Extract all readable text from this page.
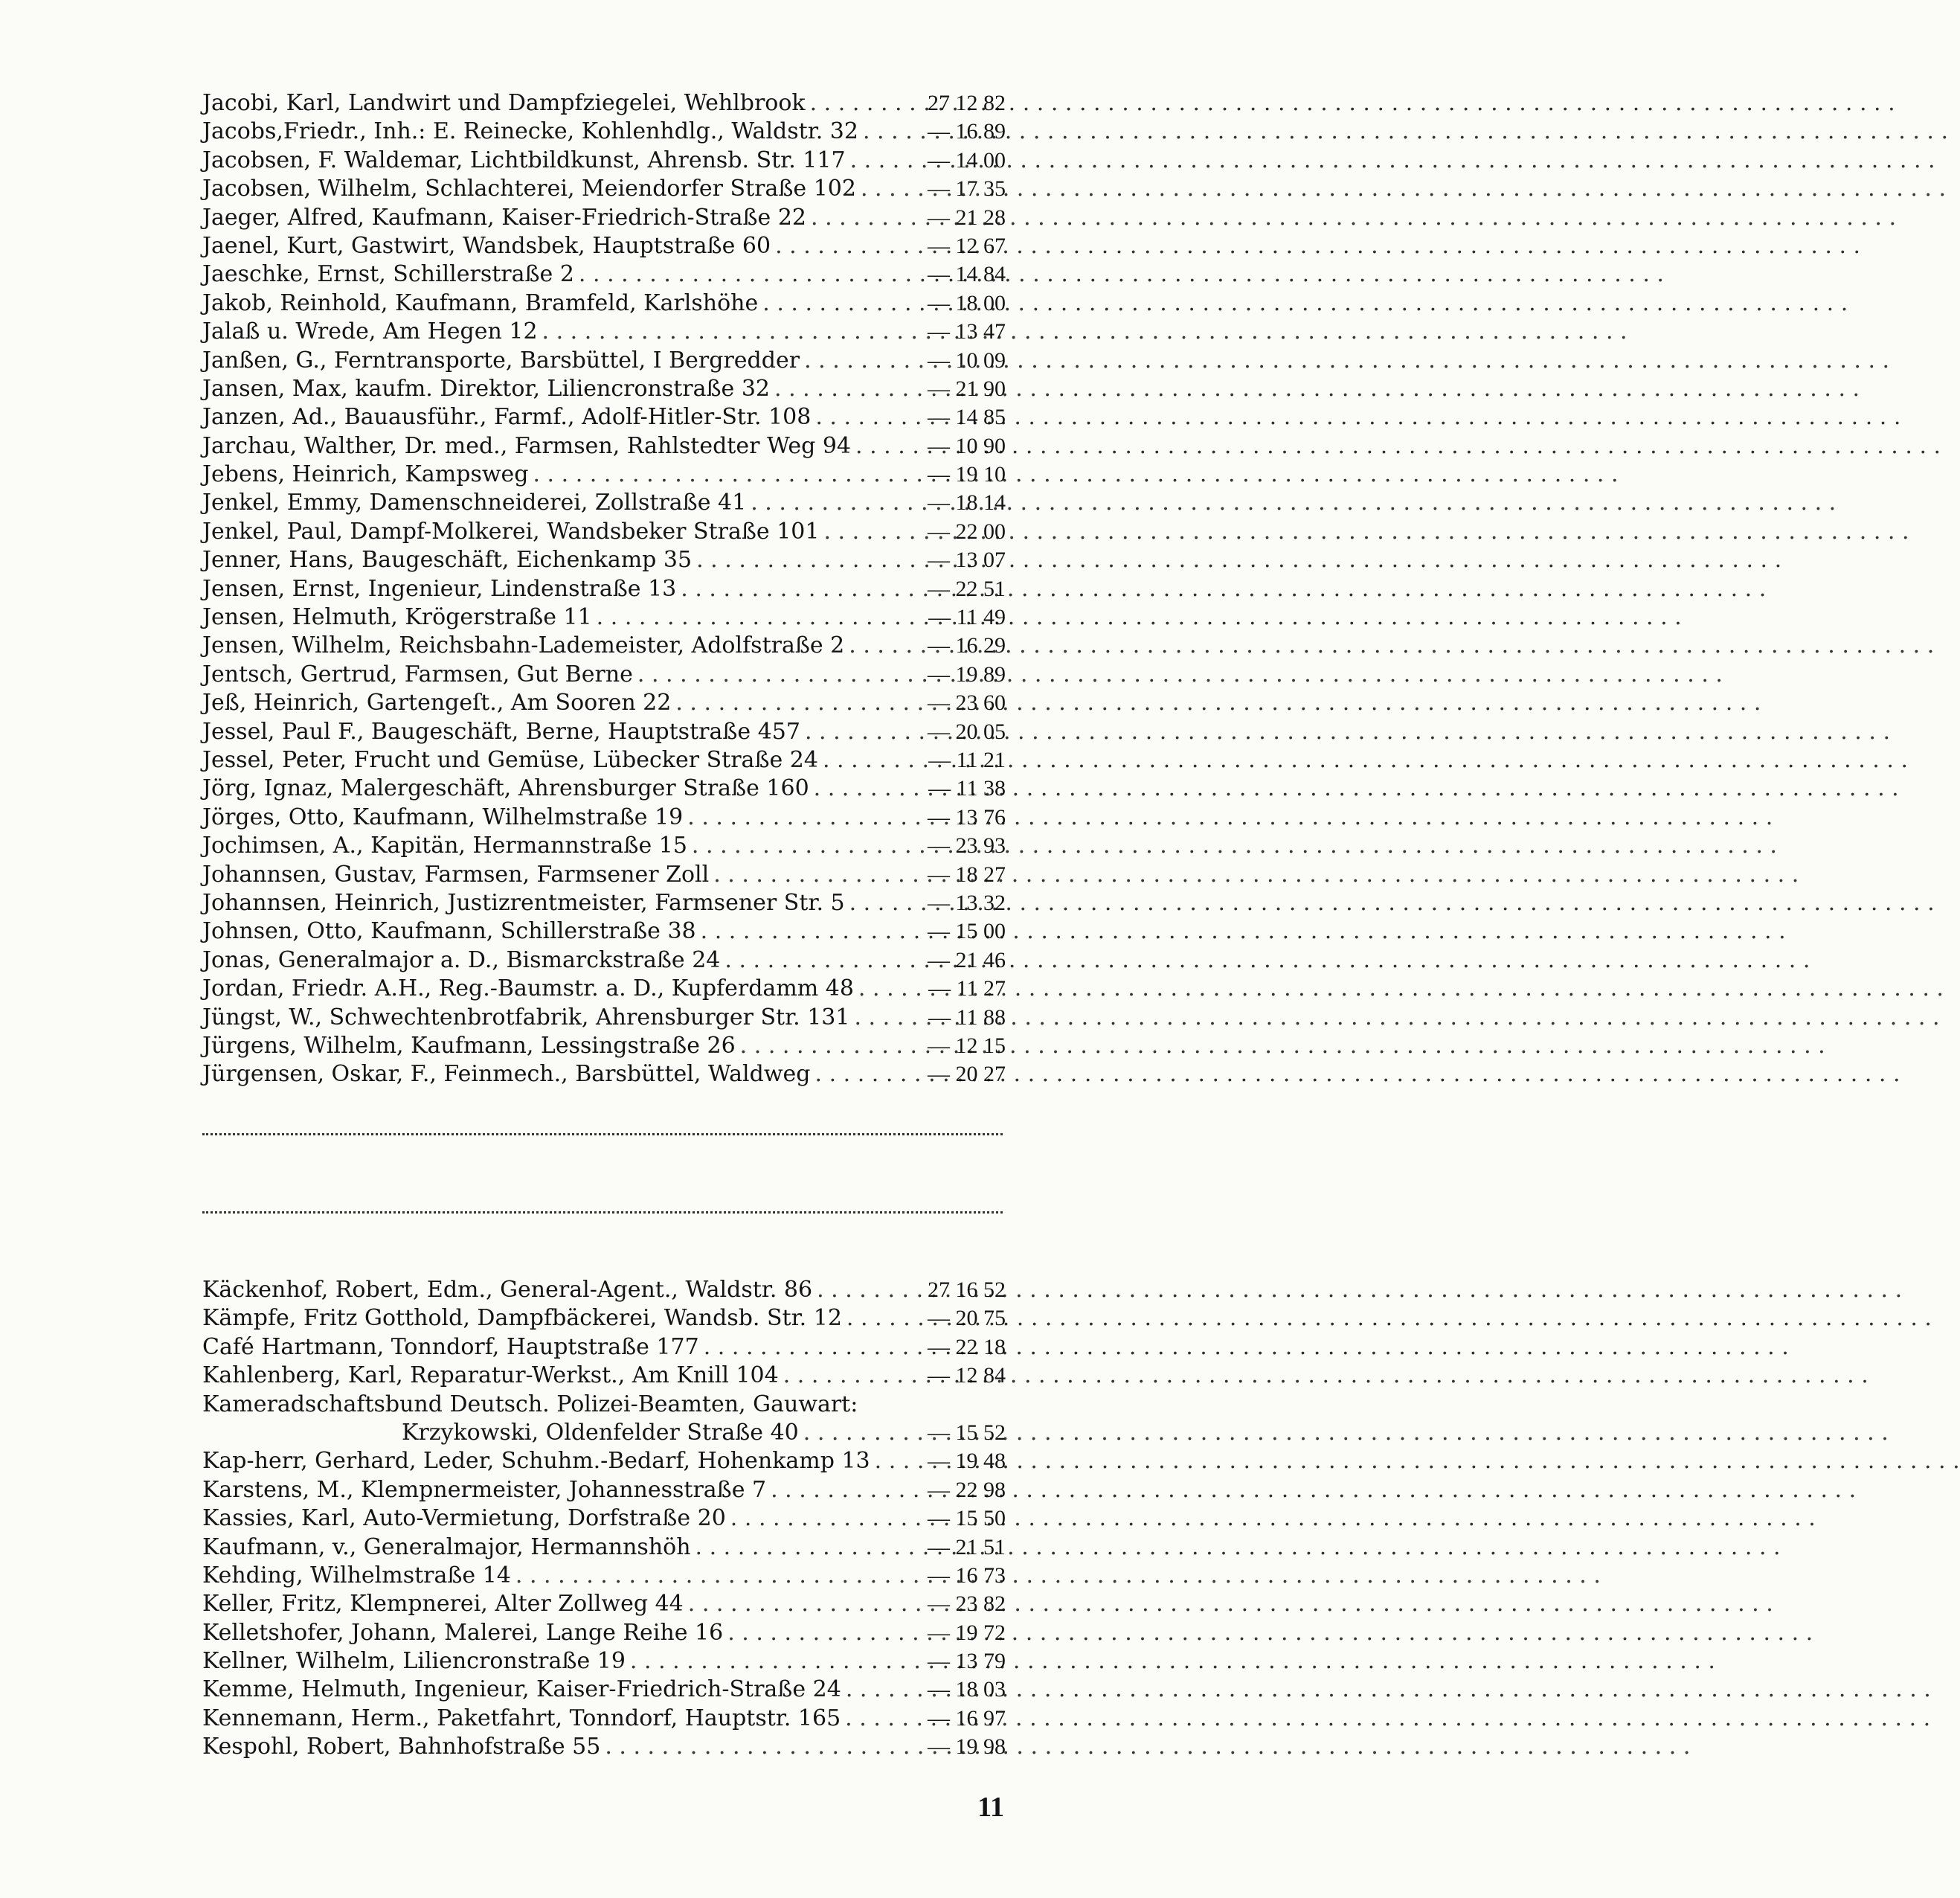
Jacobi, Karl, Landwirt und Dampfziegelei, Wehlbrook . . .	27 12 82
Jacobs,Friedr., Inh.: E. Reinecke, Kohlenhdlg., Waldstr. 32 . . .	— 16 89
Jacobsen, F. Waldemar, Lichtbildkunst, Ahrensb. Str. 117 . . .	— 14 00
Jacobsen, Wilhelm, Schlachterei, Meiendorfer Straße 102 . . .	— 17 35
Jaeger, Alfred, Kaufmann, Kaiser-Friedrich-Straße 22 . . .	— 21 28
Jaenel, Kurt, Gastwirt, Wandsbek, Hauptstraße 60 . . .	— 12 67
Jaeschke, Ernst, Schillerstraße 2 . . .	— 14 84
Jakob, Reinhold, Kaufmann, Bramfeld, Karlshöhe . . .	— 18 00
Jalaß u. Wrede, Am Hegen 12 . . .	— 13 47
Janßen, G., Ferntransporte, Barsbüttel, I Bergredder . . .	— 10 09
Jansen, Max, kaufm. Direktor, Liliencronstraße 32 . . .	— 21 90
Janzen, Ad., Bauausführ., Farmf., Adolf-Hitler-Str. 108 . . .	— 14 85
Jarchau, Walther, Dr. med., Farmsen, Rahlstedter Weg 94 . . .	— 10 90
Jebens, Heinrich, Kampsweg . . .	— 19 10
Jenkel, Emmy, Damenschneiderei, Zollstraße 41 . . .	— 18 14
Jenkel, Paul, Dampf-Molkerei, Wandsbeker Straße 101 . . .	— 22 00
Jenner, Hans, Baugeschäft, Eichenkamp 35 . . .	— 13 07
Jensen, Ernst, Ingenieur, Lindenstraße 13 . . .	— 22 51
Jensen, Helmuth, Krögerstraße 11 . . .	— 11 49
Jensen, Wilhelm, Reichsbahn-Lademeister, Adolfstraße 2 . . .	— 16 29
Jentsch, Gertrud, Farmsen, Gut Berne . . .	— 19 89
Jeß, Heinrich, Gartengeſt., Am Sooren 22 . . .	— 23 60
Jessel, Paul F., Baugeschäft, Berne, Hauptstraße 457 . . .	— 20 05
Jessel, Peter, Frucht und Gemüse, Lübecker Straße 24 . . .	— 11 21
Jörg, Ignaz, Malergeschäft, Ahrensburger Straße 160 . . .	— 11 38
Jörges, Otto, Kaufmann, Wilhelmstraße 19 . . .	— 13 76
Jochimsen, A., Kapitän, Hermannstraße 15 . . .	— 23 93
Johannsen, Gustav, Farmsen, Farmsener Zoll . . .	— 18 27
Johannsen, Heinrich, Justizrentmeister, Farmsener Str. 5 . . .	— 13 32
Johnsen, Otto, Kaufmann, Schillerstraße 38 . . .	— 15 00
Jonas, Generalmajor a. D., Bismarckstraße 24 . . .	— 21 46
Jordan, Friedr. A.H., Reg.-Baumstr. a. D., Kupferdamm 48 . . .	— 11 27
Jüngst, W., Schwechtenbrotfabrik, Ahrensburger Str. 131 . . .	— 11 88
Jürgens, Wilhelm, Kaufmann, Lessingstraße 26 . . .	— 12 15
Jürgensen, Oskar, F., Feinmech., Barsbüttel, Waldweg . . .	— 20 27
Käckenhof, Robert, Edm., General-Agent., Waldstr. 86 . . .	27 16 52
Kämpfe, Fritz Gotthold, Dampfbäckerei, Wandsb. Str. 12 . . .	— 20 75
Café Hartmann, Tonndorf, Hauptstraße 177 . . .	— 22 18
Kahlenberg, Karl, Reparatur-Werkst., Am Knill 104 . . .	— 12 84
Kameradschaftsbund Deutsch. Polizei-Beamten, Gauwart:
Krzykowski, Oldenfelder Straße 40 . . .	— 15 52
Kap-herr, Gerhard, Leder, Schuhm.-Bedarf, Hohenkamp 13 . . .	— 19 48
Karstens, M., Klempnermeister, Johannesstraße 7 . . .	— 22 98
Kassies, Karl, Auto-Vermietung, Dorfstraße 20 . . .	— 15 50
Kaufmann, v., Generalmajor, Hermannshöh . . .	— 21 51
Kehding, Wilhelmstraße 14 . . .	— 16 73
Keller, Fritz, Klempnerei, Alter Zollweg 44 . . .	— 23 82
Kelletshofer, Johann, Malerei, Lange Reihe 16 . . .	— 19 72
Kellner, Wilhelm, Liliencronstraße 19 . . .	— 13 79
Kemme, Helmuth, Ingenieur, Kaiser-Friedrich-Straße 24 . . .	— 18 03
Kennemann, Herm., Paketfahrt, Tonndorf, Hauptstr. 165 . . .	— 16 97
Kespohl, Robert, Bahnhofstraße 55 . . .	— 19 98
11
